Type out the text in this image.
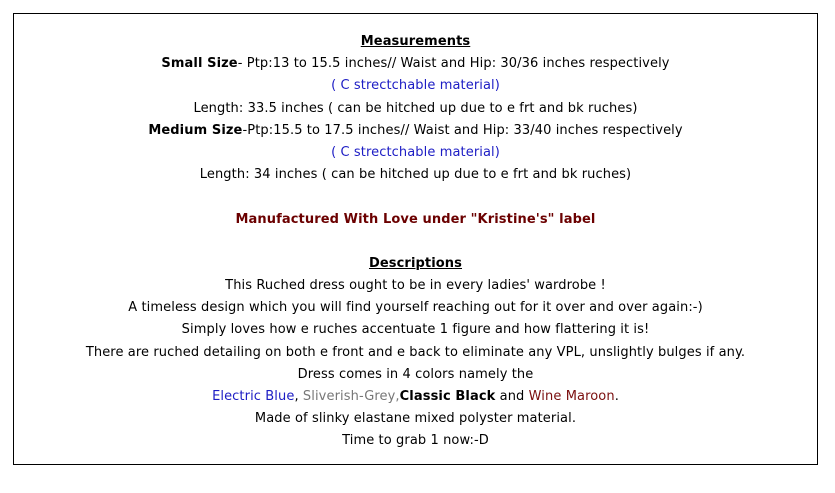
Measurements
Small Size- Ptp:13 to 15.5 inches// Waist and Hip: 30/36 inches respectively
( C strectchable material)
Length: 33.5 inches ( can be hitched up due to e frt and bk ruches)
Medium Size-Ptp:15.5 to 17.5 inches// Waist and Hip: 33/40 inches respectively
( C strectchable material)
Length: 34 inches ( can be hitched up due to e frt and bk ruches)
Manufactured With Love under "Kristine's" label
Descriptions
This Ruched dress ought to be in every ladies' wardrobe !
A timeless design which you will find yourself reaching out for it over and over again:-)
Simply loves how e ruches accentuate 1 figure and how flattering it is!
There are ruched detailing on both e front and e back to eliminate any VPL, unslightly bulges if any.
Dress comes in 4 colors namely the
Electric Blue, Sliverish-Grey,Classic Black and Wine Maroon.
Made of slinky elastane mixed polyster material.
Time to grab 1 now:-D
